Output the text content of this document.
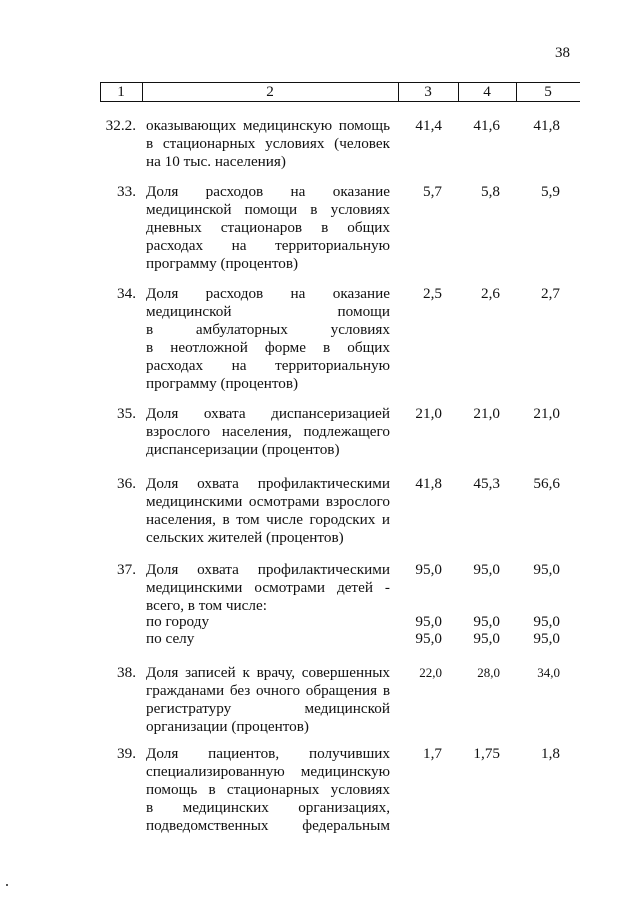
38
1	2	3	4	5
32.2. оказывающих медицинскую помощь
в стационарных условиях (человек
на 10 тыс. населения)
41,4	41,6	41,8
33. Доля расходов на оказание
медицинской помощи в условиях
дневных стационаров в общих
расходах на территориальную
программу (процентов)
5,7	5,8	5,9
34. Доля расходов на оказание
медицинской помощи
в амбулаторных условиях
в неотложной форме в общих
расходах на территориальную
программу (процентов)
2,5	2,6	2,7
35. Доля охвата диспансеризацией
взрослого населения, подлежащего
диспансеризации (процентов)
21,0	21,0	21,0
36. Доля охвата профилактическими
медицинскими осмотрами взрослого
населения, в том числе городских и
сельских жителей (процентов)
41,8	45,3	56,6
37. Доля охвата профилактическими
медицинскими осмотрами детей -
всего, в том числе:
95,0	95,0	95,0
по городу	95,0	95,0	95,0
по селу	95,0	95,0	95,0
38. Доля записей к врачу, совершенных
гражданами без очного обращения в
регистратуру медицинской
организации (процентов)
22,0	28,0	34,0
39. Доля пациентов, получивших
специализированную медицинскую
помощь в стационарных условиях
в медицинских организациях,
подведомственных федеральным
1,7	1,75	1,8
